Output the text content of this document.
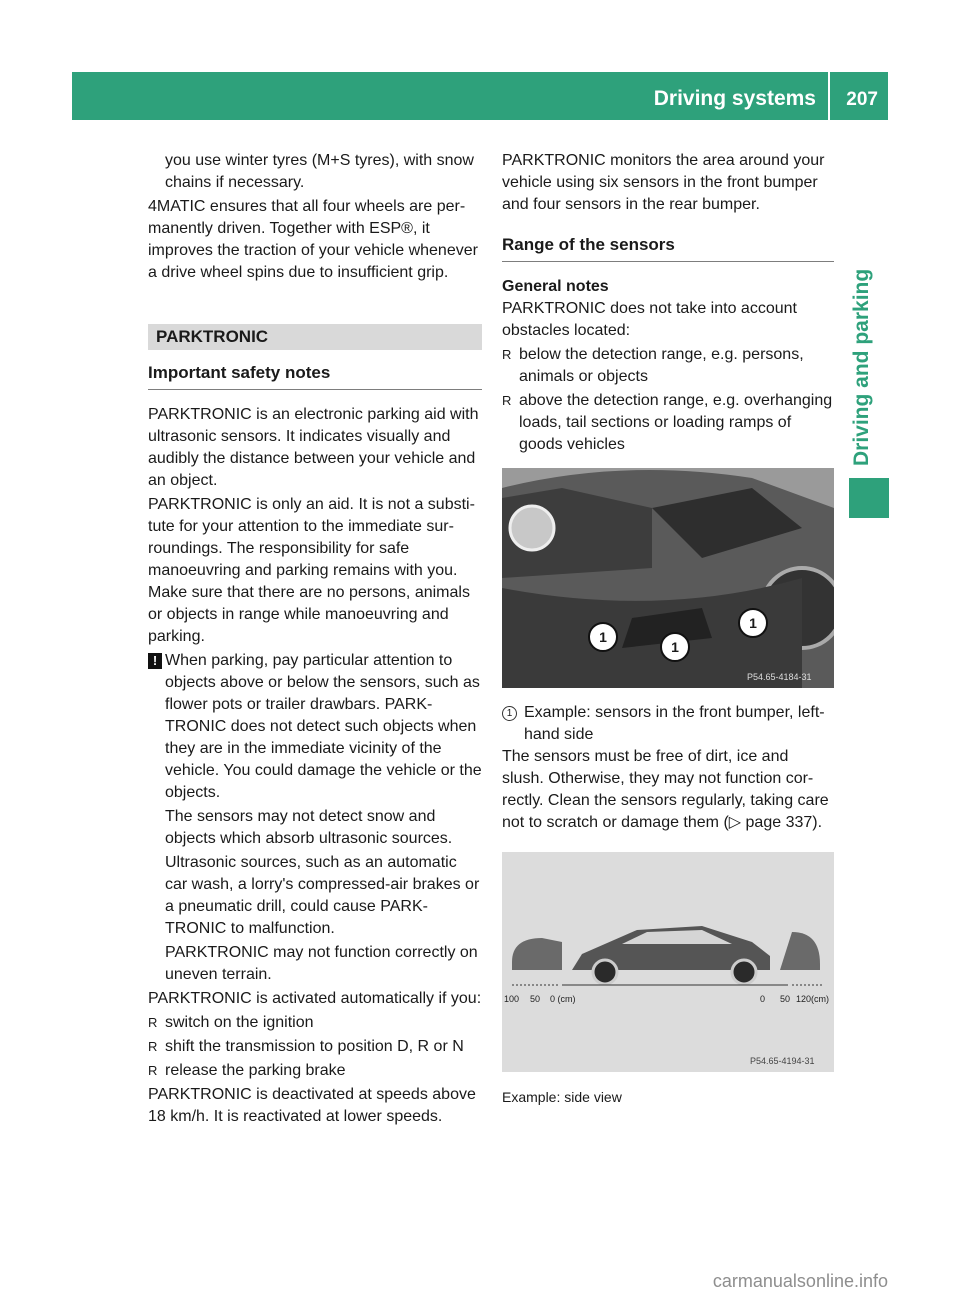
Driving systems 207
Driving and parking

you use winter tyres (M+S tyres), with snow chains if necessary.

4MATIC ensures that all four wheels are permanently driven. Together with ESP®, it improves the traction of your vehicle whenever a drive wheel spins due to insufficient grip.

PARKTRONIC
Important safety notes

PARKTRONIC is an electronic parking aid with ultrasonic sensors. It indicates visually and audibly the distance between your vehicle and an object.

PARKTRONIC is only an aid. It is not a substitute for your attention to the immediate surroundings. The responsibility for safe manoeuvring and parking remains with you. Make sure that there are no persons, animals or objects in range while manoeuvring and parking.

! When parking, pay particular attention to objects above or below the sensors, such as flower pots or trailer drawbars. PARKTRONIC does not detect such objects when they are in the immediate vicinity of the vehicle. You could damage the vehicle or the objects.

The sensors may not detect snow and objects which absorb ultrasonic sources.

Ultrasonic sources, such as an automatic car wash, a lorry's compressed-air brakes or a pneumatic drill, could cause PARKTRONIC to malfunction.

PARKTRONIC may not function correctly on uneven terrain.

PARKTRONIC is activated automatically if you:

R switch on the ignition
R shift the transmission to position D, R or N
R release the parking brake

PARKTRONIC is deactivated at speeds above 18 km/h. It is reactivated at lower speeds.

PARKTRONIC monitors the area around your vehicle using six sensors in the front bumper and four sensors in the rear bumper.

Range of the sensors
General notes

PARKTRONIC does not take into account obstacles located:

R below the detection range, e.g. persons, animals or objects
R above the detection range, e.g. overhanging loads, tail sections or loading ramps of goods vehicles
P54.65-4184-31
1
1
1
1 Example: sensors in the front bumper, left-hand side

The sensors must be free of dirt, ice and slush. Otherwise, they may not function correctly. Clean the sensors regularly, taking care not to scratch or damage them (▷ page 337).

100 50 0 (cm)	0 50 120(cm)
P54.65-4194-31
Example: side view
carmanualsonline.info
